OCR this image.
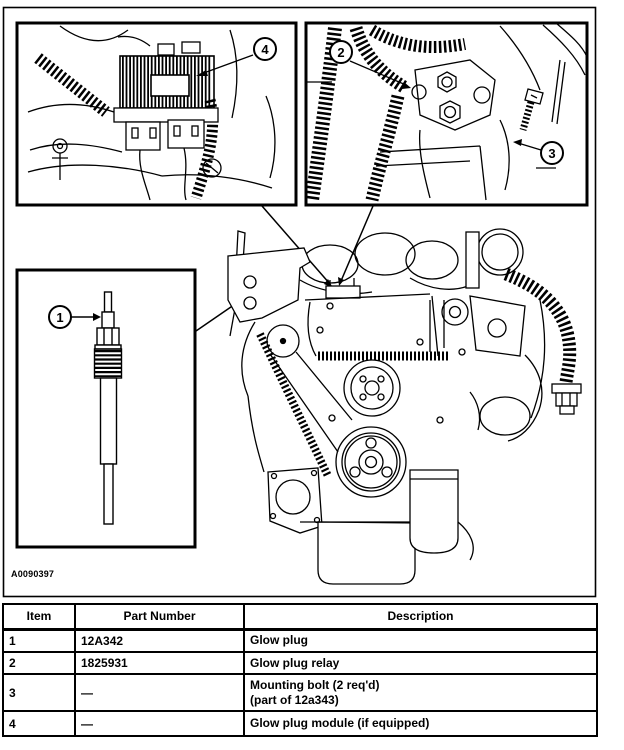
4	2
3
1
A0090397
Item	Part Number	Description
1	12A342	Glow plug

2	1825931	Glow plug relay

3	—	Mounting bolt (2 req'd)
(part of 12a343)

4	—	Glow plug module (if equipped)
